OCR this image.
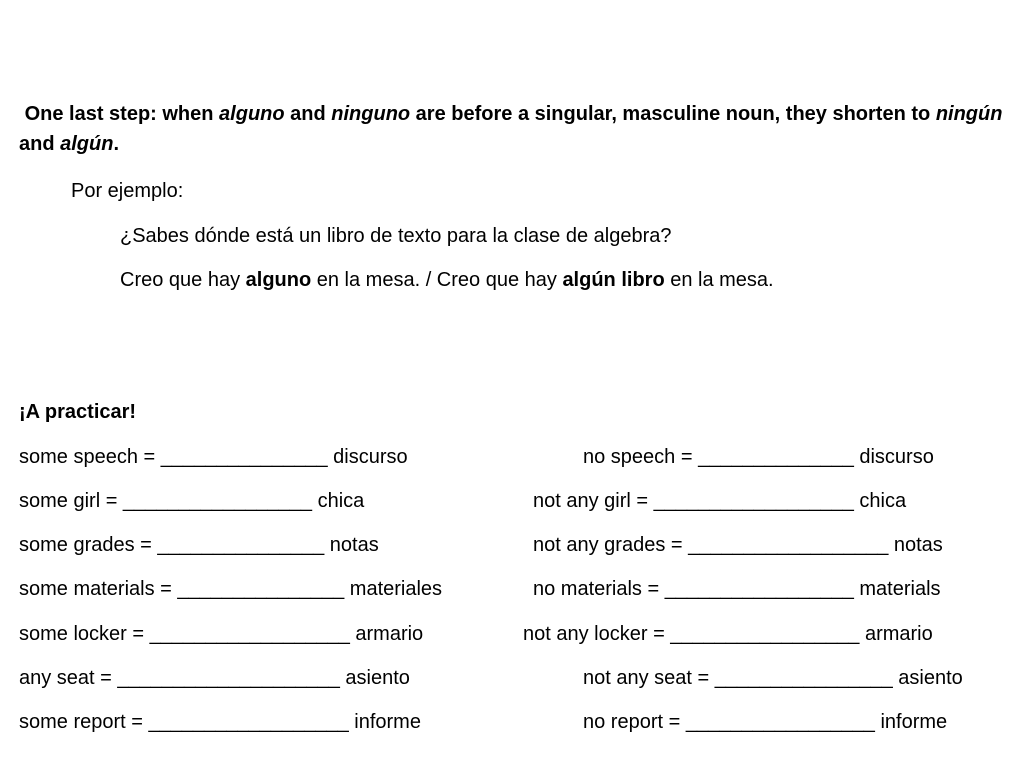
One last step: when alguno and ninguno are before a singular, masculine noun, they shorten to ningún and algún.
Por ejemplo:
¿Sabes dónde está un libro de texto para la clase de algebra?
Creo que hay alguno en la mesa. / Creo que hay algún libro en la mesa.
¡A practicar!
some speech = _______________ discurso	no speech = ______________ discurso
some girl = _________________ chica	not any girl = __________________ chica
some grades = _______________ notas	not any grades = __________________ notas
some materials = _______________ materiales	no materials = _________________ materials
some locker = __________________ armario	not any locker = _________________ armario
any seat = ____________________ asiento	not any seat = ________________ asiento
some report = __________________ informe	no report = _________________ informe
